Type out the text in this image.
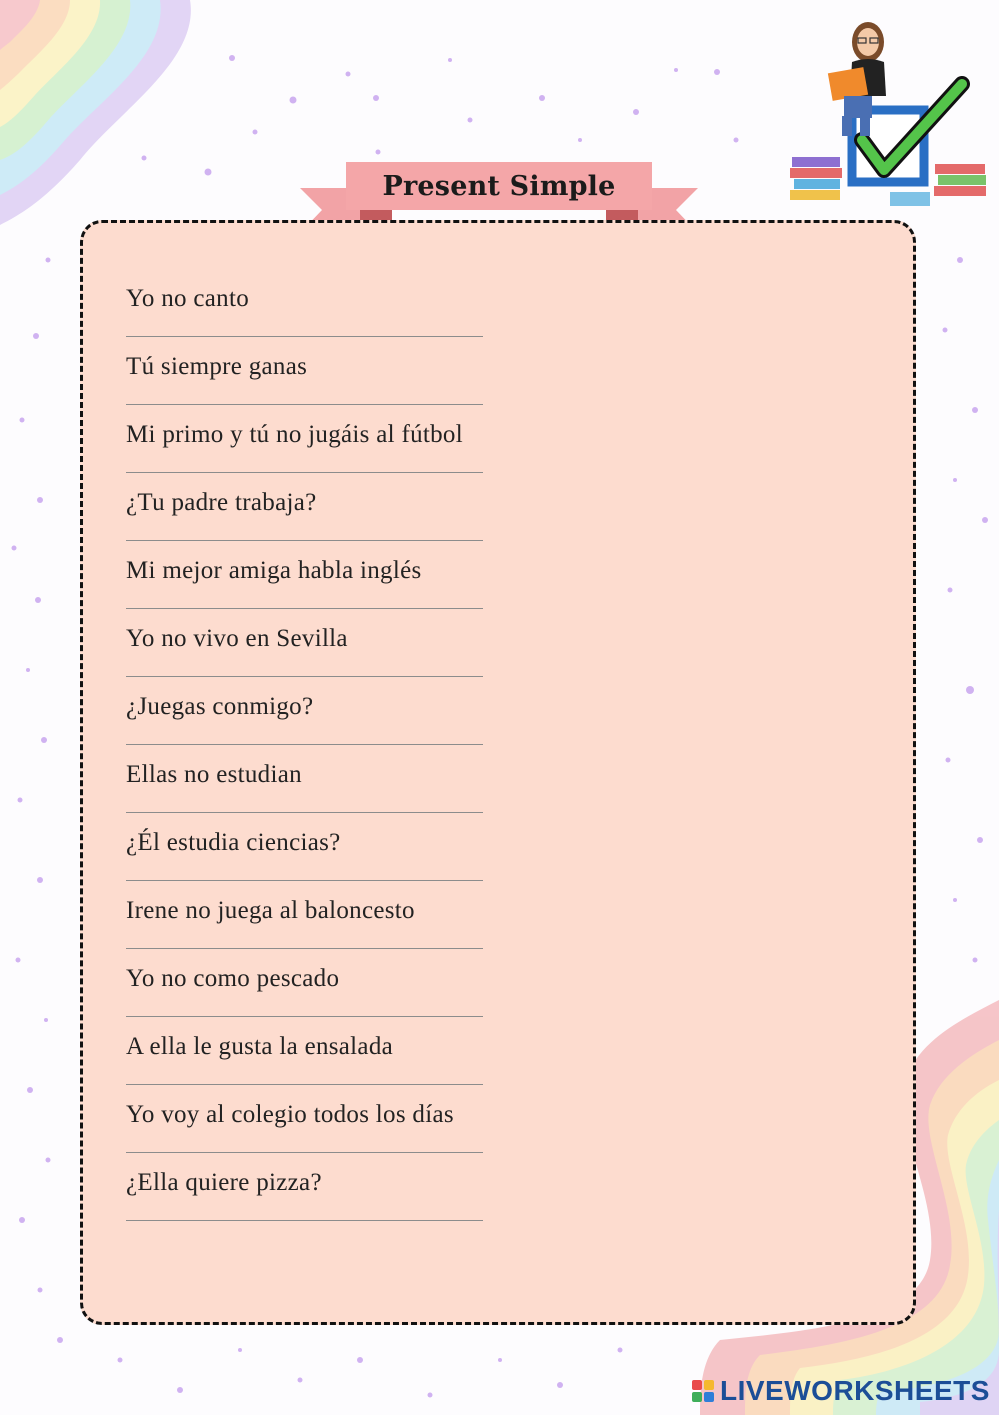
Present Simple
Yo no canto
Tú siempre ganas
Mi primo y tú no jugáis al fútbol
¿Tu padre trabaja?
Mi mejor amiga habla inglés
Yo no vivo en Sevilla
¿Juegas conmigo?
Ellas no estudian
¿Él estudia ciencias?
Irene no juega al baloncesto
Yo no como pescado
A ella le gusta la ensalada
Yo voy al colegio todos los días
¿Ella quiere pizza?
LIVEWORKSHEETS
